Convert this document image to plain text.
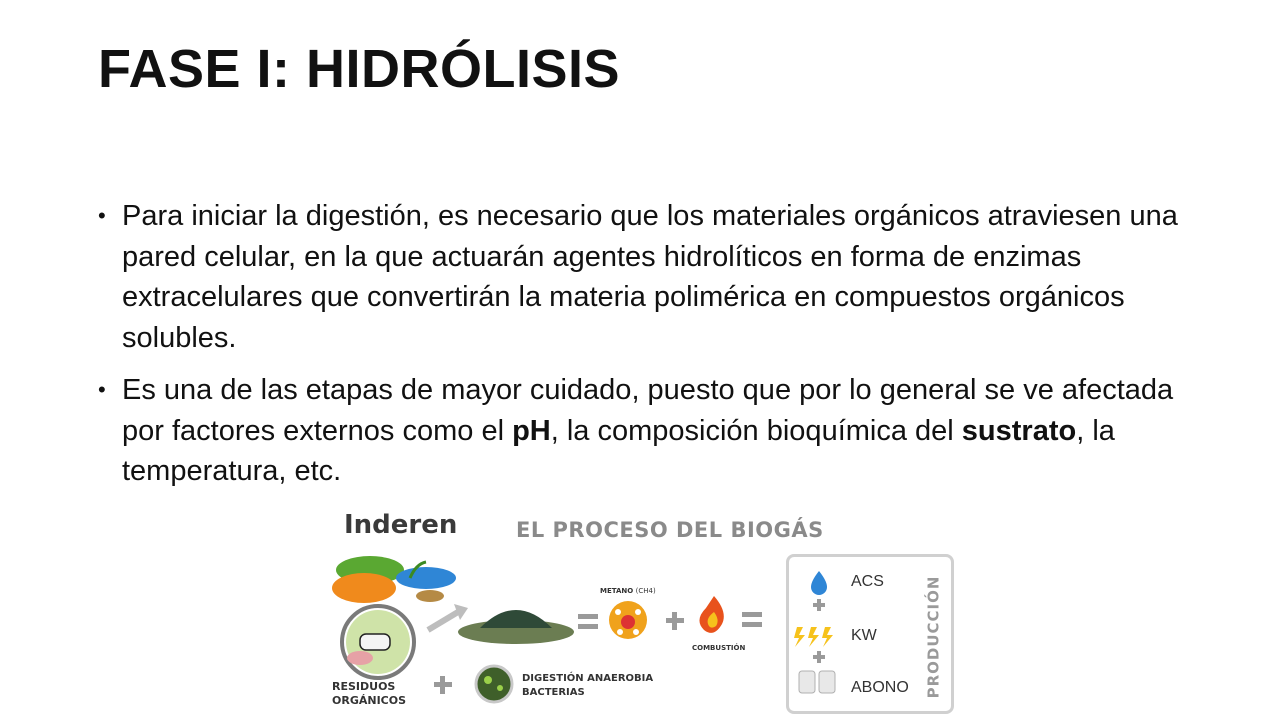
FASE I: HIDRÓLISIS
• Para iniciar la digestión, es necesario que los materiales orgánicos atraviesen una pared celular, en la que actuarán agentes hidrolíticos en forma de enzimas extracelulares que convertirán la materia polimérica en compuestos orgánicos solubles.
• Es una de las etapas de mayor cuidado, puesto que por lo general se ve afectada por factores externos como el pH, la composición bioquímica del sustrato, la temperatura, etc.
Inderen	EL PROCESO DEL BIOGÁS
RESIDUOS
ORGÁNICOS
DIGESTIÓN ANAEROBIA
BACTERIAS
METANO (CH4)
COMBUSTIÓN
ACS
KW
ABONO PRODUCCIÓN
